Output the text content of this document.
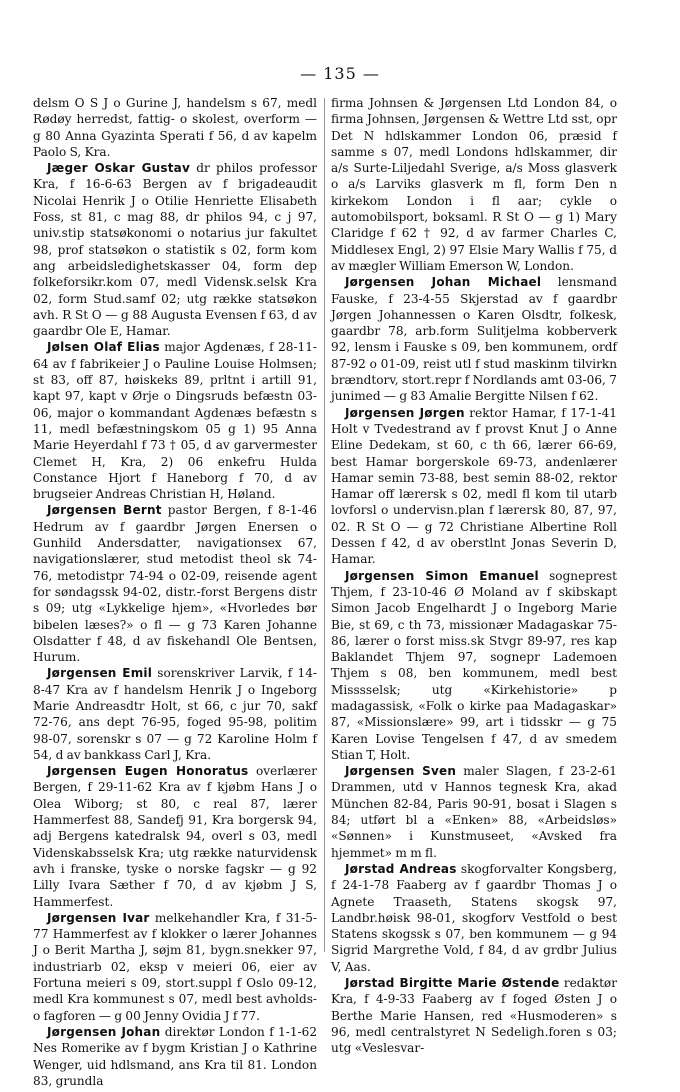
— 135 —

delsm O S J o Gurine J, handelsm s 67, medl Rødøy herredst, fattig- o skolest, overform — g 80 Anna Gyazinta Sperati f 56, d av kapelm Paolo S, Kra.

Jæger Oskar Gustav dr philos professor Kra, f 16-6-63 Bergen av f brigadeaudit Nicolai Henrik J o Otilie Henriette Elisabeth Foss, st 81, c mag 88, dr philos 94, c j 97, univ.stip statsøkonomi o notarius jur fakultet 98, prof statsøkon o statistik s 02, form kom ang arbeidsledighetskasser 04, form dep folkeforsikr.kom 07, medl Vidensk.selsk Kra 02, form Stud.samf 02; utg række statsøkon avh. R St O — g 88 Augusta Evensen f 63, d av gaardbr Ole E, Hamar.

Jølsen Olaf Elias major Agdenæs, f 28-11-64 av f fabrikeier J o Pauline Louise Holmsen; st 83, off 87, høiskeks 89, prltnt i artill 91, kapt 97, kapt v Ørje o Dingsruds befæstn 03-06, major o kommandant Agdenæs befæstn s 11, medl befæstningskom 05 g 1) 95 Anna Marie Heyerdahl f 73 † 05, d av garvermester Clemet H, Kra, 2) 06 enkefru Hulda Constance Hjort f Haneborg f 70, d av brugseier Andreas Christian H, Høland.

Jørgensen Bernt pastor Bergen, f 8-1-46 Hedrum av f gaardbr Jørgen Enersen o Gunhild Andersdatter, navigationsex 67, navigationslærer, stud metodist theol sk 74-76, metodistpr 74-94 o 02-09, reisende agent for søndagssk 94-02, distr.-forst Bergens distr s 09; utg «Lykkelige hjem», «Hvorledes bør bibelen læses?» o fl — g 73 Karen Johanne Olsdatter f 48, d av fiskehandl Ole Bentsen, Hurum.

Jørgensen Emil sorenskriver Larvik, f 14-8-47 Kra av f handelsm Henrik J o Ingeborg Marie Andreasdtr Holt, st 66, c jur 70, sakf 72-76, ans dept 76-95, foged 95-98, politim 98-07, sorenskr s 07 — g 72 Karoline Holm f 54, d av bankkass Carl J, Kra.

Jørgensen Eugen Honoratus overlærer Bergen, f 29-11-62 Kra av f kjøbm Hans J o Olea Wiborg; st 80, c real 87, lærer Hammerfest 88, Sandefj 91, Kra borgersk 94, adj Bergens katedralsk 94, overl s 03, medl Videnskabsselsk Kra; utg række naturvidensk avh i franske, tyske o norske fagskr — g 92 Lilly Ivara Sæther f 70, d av kjøbm J S, Hammerfest.

Jørgensen Ivar melkehandler Kra, f 31-5-77 Hammerfest av f klokker o lærer Johannes J o Berit Martha J, søjm 81, bygn.snekker 97, industriarb 02, eksp v meieri 06, eier av Fortuna meieri s 09, stort.suppl f Oslo 09-12, medl Kra kommunest s 07, medl best avholds- o fagforen — g 00 Jenny Ovidia J f 77.

Jørgensen Johan direktør London f 1-1-62 Nes Romerike av f bygm Kristian J o Kathrine Wenger, uid hdlsmand, ans Kra til 81. London 83, grundla

firma Johnsen & Jørgensen Ltd London 84, o firma Johnsen, Jørgensen & Wettre Ltd sst, opr Det N hdlskammer London 06, præsid f samme s 07, medl Londons hdlskammer, dir a/s Surte-Liljedahl Sverige, a/s Moss glasverk o a/s Larviks glasverk m fl, form Den n kirkekom London i fl aar; cykle o automobilsport, boksaml. R St O — g 1) Mary Claridge f 62 † 92, d av farmer Charles C, Middlesex Engl, 2) 97 Elsie Mary Wallis f 75, d av mægler William Emerson W, London.

Jørgensen Johan Michael lensmand Fauske, f 23-4-55 Skjerstad av f gaardbr Jørgen Johannessen o Karen Olsdtr, folkesk, gaardbr 78, arb.form Sulitjelma kobberverk 92, lensm i Fauske s 09, ben kommunem, ordf 87-92 o 01-09, reist utl f stud maskinm tilvirkn brændtorv, stort.repr f Nordlands amt 03-06, 7 junimed — g 83 Amalie Bergitte Nilsen f 62.

Jørgensen Jørgen rektor Hamar, f 17-1-41 Holt v Tvedestrand av f provst Knut J o Anne Eline Dedekam, st 60, c th 66, lærer 66-69, best Hamar borgerskole 69-73, andenlærer Hamar semin 73-88, best semin 88-02, rektor Hamar off lærersk s 02, medl fl kom til utarb lovforsl o undervisn.plan f lærersk 80, 87, 97, 02. R St O — g 72 Christiane Albertine Roll Dessen f 42, d av oberstlnt Jonas Severin D, Hamar.

Jørgensen Simon Emanuel sogneprest Thjem, f 23-10-46 Ø Moland av f skibskapt Simon Jacob Engelhardt J o Ingeborg Marie Bie, st 69, c th 73, missionær Madagaskar 75-86, lærer o forst miss.sk Stvgr 89-97, res kap Baklandet Thjem 97, sognepr Lademoen Thjem s 08, ben kommunem, medl best Misssselsk; utg «Kirkehistorie» p madagassisk, «Folk o kirke paa Madagaskar» 87, «Missionslære» 99, art i tidsskr — g 75 Karen Lovise Tengelsen f 47, d av smedem Stian T, Holt.

Jørgensen Sven maler Slagen, f 23-2-61 Drammen, utd v Hannos tegnesk Kra, akad München 82-84, Paris 90-91, bosat i Slagen s 84; utført bl a «Enken» 88, «Arbeidsløs» «Sønnen» i Kunstmuseet, «Avsked fra hjemmet» m m fl.

Jørstad Andreas skogforvalter Kongsberg, f 24-1-78 Faaberg av f gaardbr Thomas J o Agnete Traaseth, Statens skogsk 97, Landbr.høisk 98-01, skogforv Vestfold o best Statens skogssk s 07, ben kommunem — g 94 Sigrid Margrethe Vold, f 84, d av grdbr Julius V, Aas.

Jørstad Birgitte Marie Østende redaktør Kra, f 4-9-33 Faaberg av f foged Østen J o Berthe Marie Hansen, red «Husmoderen» s 96, medl centralstyret N Sedeligh.foren s 03; utg «Veslesvar-
